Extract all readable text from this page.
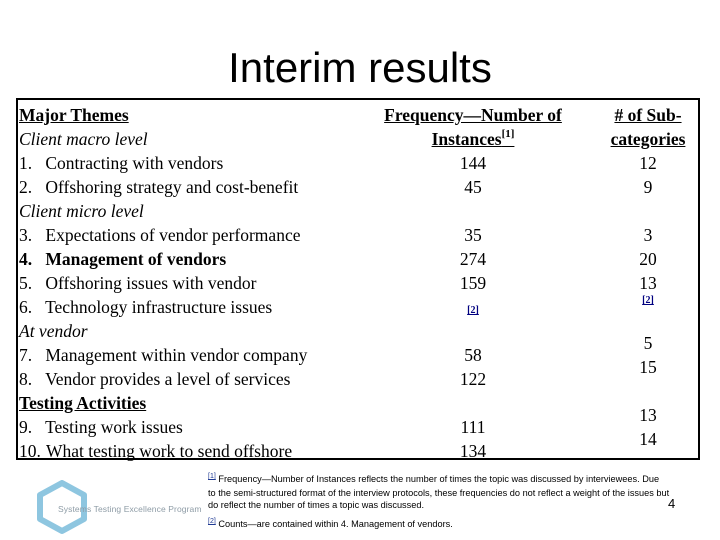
Interim results
Major Themes
Client macro level
1. Contracting with vendors
2. Offshoring strategy and cost-benefit
Client micro level
3. Expectations of vendor performance
4. Management of vendors
5. Offshoring issues with vendor
6. Technology infrastructure issues
At vendor
7. Management within vendor company
8. Vendor provides a level of services
Testing Activities
9. Testing work issues
10. What testing work to send offshore
Frequency—Number of
Instances[1]
144
45
35
274
159
[2]
58
122
111
134
# of Sub-
categories
12
9
3
20
13
[2]
5
15
13
14
[1] Frequency—Number of Instances reflects the number of times the topic was discussed by interviewees. Due
to the semi-structured format of the interview protocols, these frequencies do not reflect a weight of the issues but
do reflect the number of times a topic was discussed.
[2] Counts—are contained within 4. Management of vendors.
4
Systems Testing Excellence Program
